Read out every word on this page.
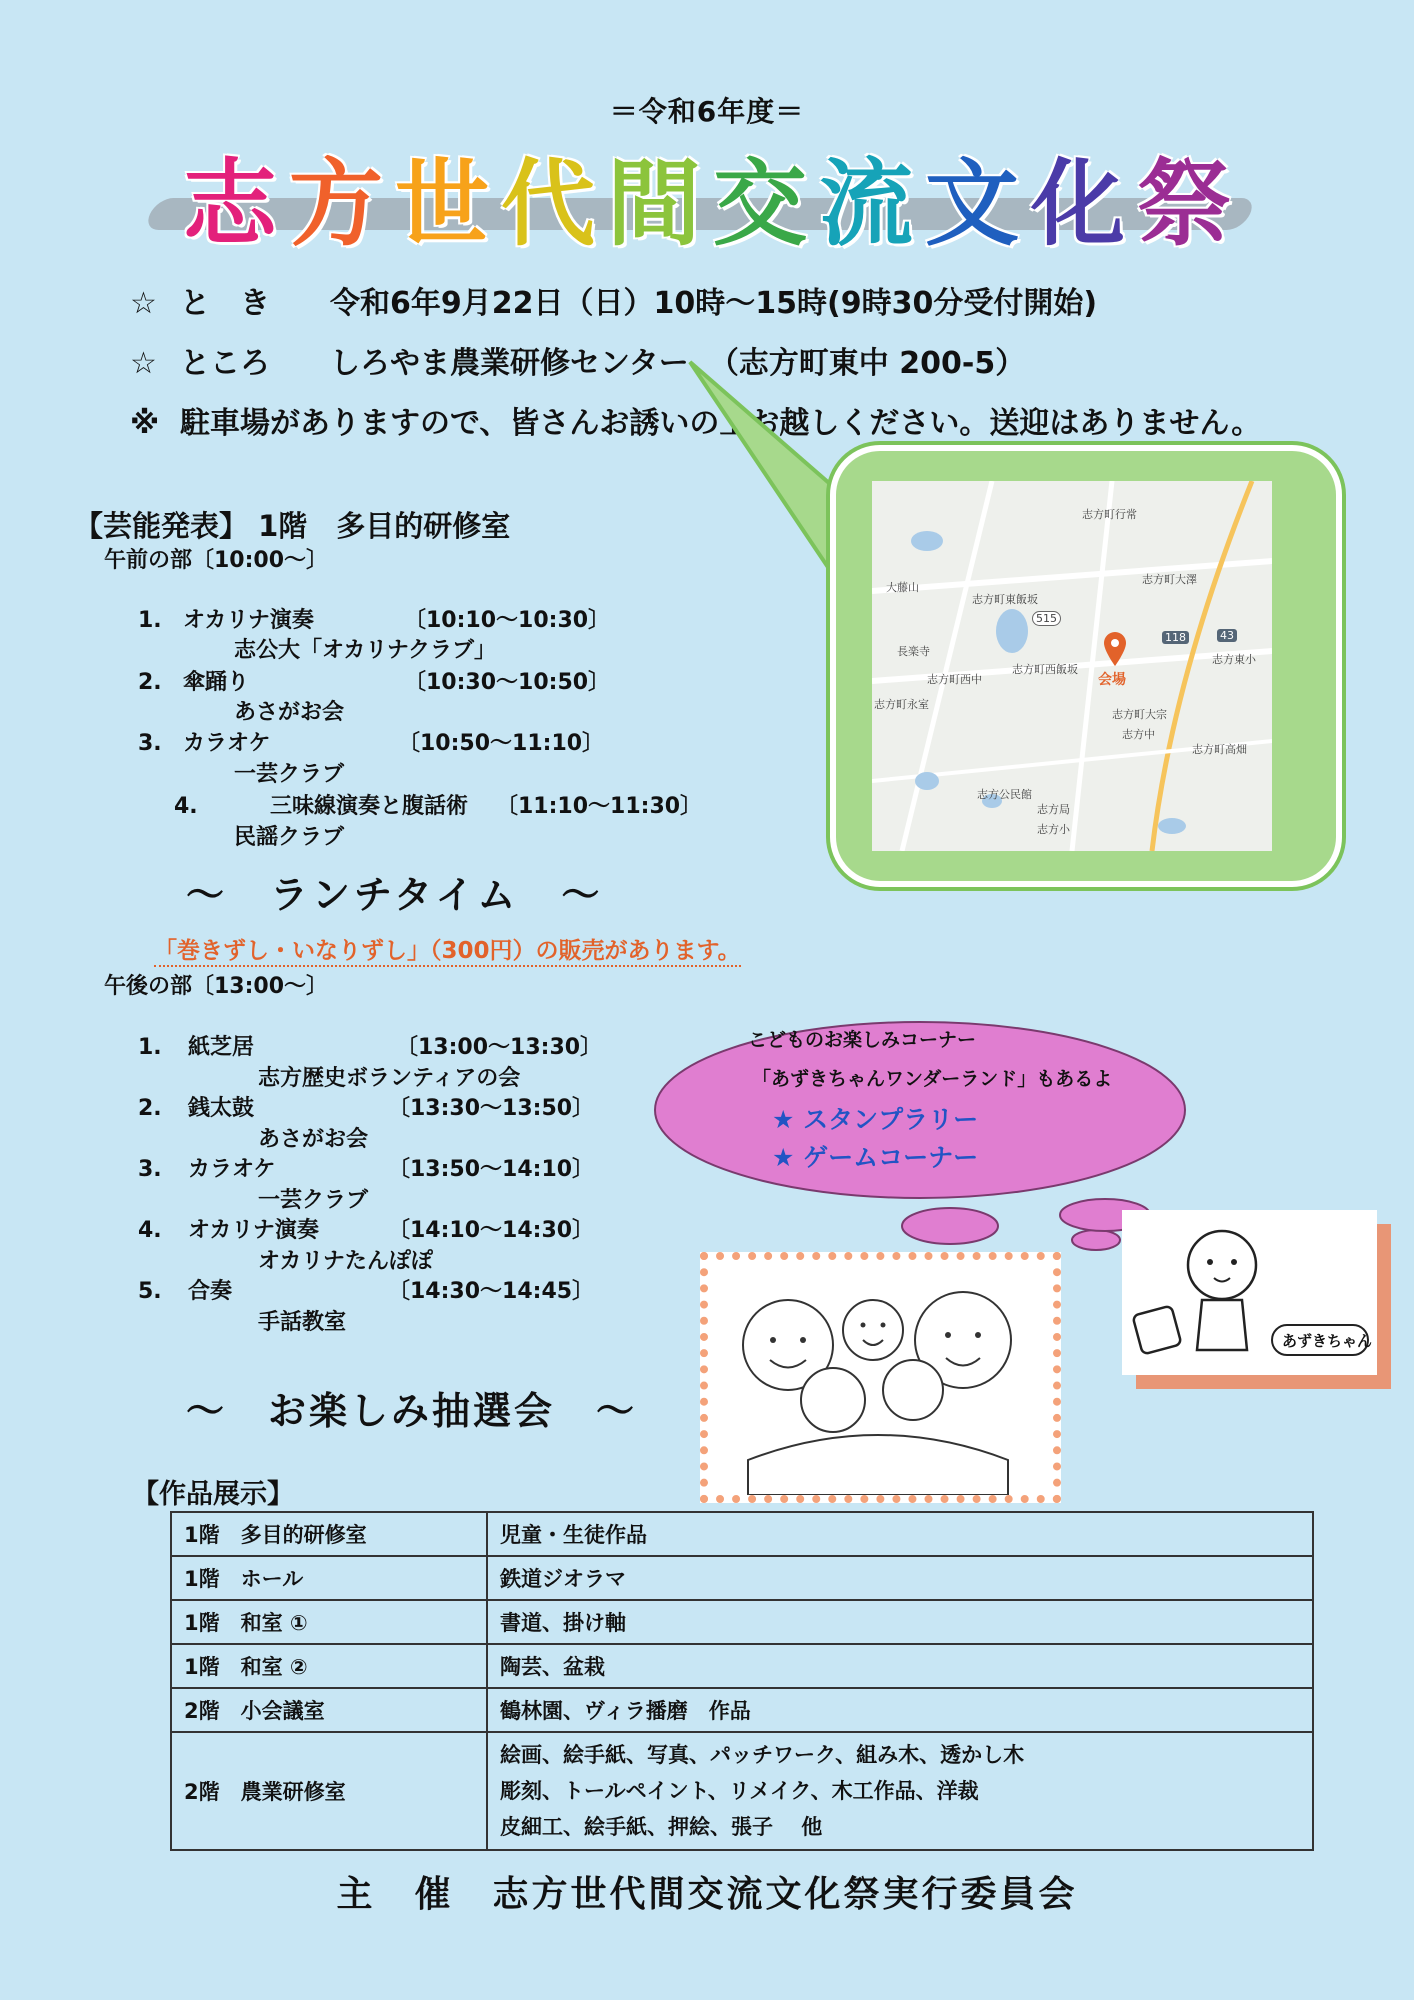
＝令和6年度＝
志 方 世 代 間 交 流 文 化 祭
☆ と　き 令和6年9月22日（日）10時～15時(9時30分受付開始)
☆ ところ しろやま農業研修センター （志方町東中 200-5）
※ 駐車場がありますので、皆さんお誘いの上お越しください。送迎はありません。
【芸能発表】 1階　多目的研修室
午前の部〔10:00～〕
1. オカリナ演奏	〔10:10～10:30〕
志公大「オカリナクラブ」
2. 傘踊り	〔10:30～10:50〕
あさがお会
3. カラオケ	〔10:50～11:10〕
一芸クラブ
4.	三味線演奏と腹話術 〔11:10～11:30〕
民謡クラブ
～　ランチタイム　～
「巻きずし・いなりずし」（300円）の販売があります。
午後の部〔13:00～〕
1. 紙芝居	〔13:00～13:30〕
志方歴史ボランティアの会
2. 銭太鼓	〔13:30～13:50〕
あさがお会
3. カラオケ	〔13:50～14:10〕
一芸クラブ
4. オカリナ演奏	〔14:10～14:30〕
オカリナたんぽぽ
5. 合奏	〔14:30～14:45〕
手話教室
～　お楽しみ抽選会　～
志方町行常
大藤山
志方町東飯坂
志方町大澤
長楽寺
志方町西飯坂
志方町西中
志方町永室
志方町大宗
志方中
志方東小
志方町高畑
志方公民館
志方局
志方小
515
118	43
会場
こどものお楽しみコーナー
「あずきちゃんワンダーランド」もあるよ
★ スタンプラリー
★ ゲームコーナー
あずきちゃん
【作品展示】
1階　多目的研修室	児童・生徒作品
1階　ホール	鉄道ジオラマ
1階　和室 ①	書道、掛け軸
1階　和室 ②	陶芸、盆栽
2階　小会議室	鶴林園、ヴィラ播磨　作品
2階　農業研修室	絵画、絵手紙、写真、パッチワーク、組み木、透かし木
彫刻、トールペイント、リメイク、木工作品、洋裁
皮細工、絵手紙、押絵、張子　 他
主　催　志方世代間交流文化祭実行委員会
